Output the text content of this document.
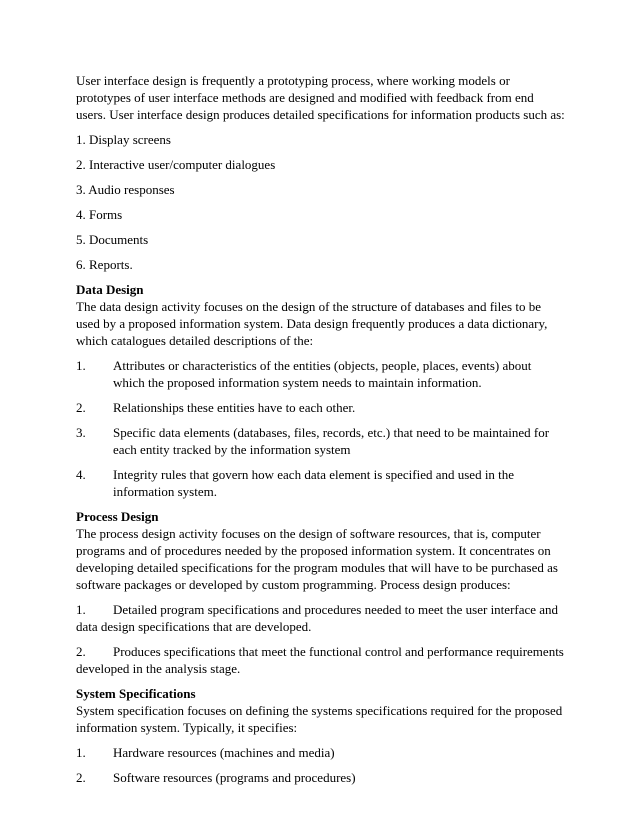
User interface design is frequently a prototyping process, where working models or prototypes of user interface methods are designed and modified with feedback from end users. User interface design produces detailed specifications for information products such as:

1. Display screens

2. Interactive user/computer dialogues

3. Audio responses

4. Forms

5. Documents

6. Reports.

Data Design

The data design activity focuses on the design of the structure of databases and files to be used by a proposed information system. Data design frequently produces a data dictionary, which catalogues detailed descriptions of the:

1.	Attributes or characteristics of the entities (objects, people, places, events) about which the proposed information system needs to maintain information.
2.	Relationships these entities have to each other.
3.	Specific data elements (databases, files, records, etc.) that need to be maintained for each entity tracked by the information system
4.	Integrity rules that govern how each data element is specified and used in the information system.

Process Design

The process design activity focuses on the design of software resources, that is, computer programs and of procedures needed by the proposed information system. It concentrates on developing detailed specifications for the program modules that will have to be purchased as software packages or developed by custom programming. Process design produces:

1. Detailed program specifications and procedures needed to meet the user interface and data design specifications that are developed.

2. Produces specifications that meet the functional control and performance requirements developed in the analysis stage.

System Specifications

System specification focuses on defining the systems specifications required for the proposed information system. Typically, it specifies:

1.	Hardware resources (machines and media)
2.	Software resources (programs and procedures)
